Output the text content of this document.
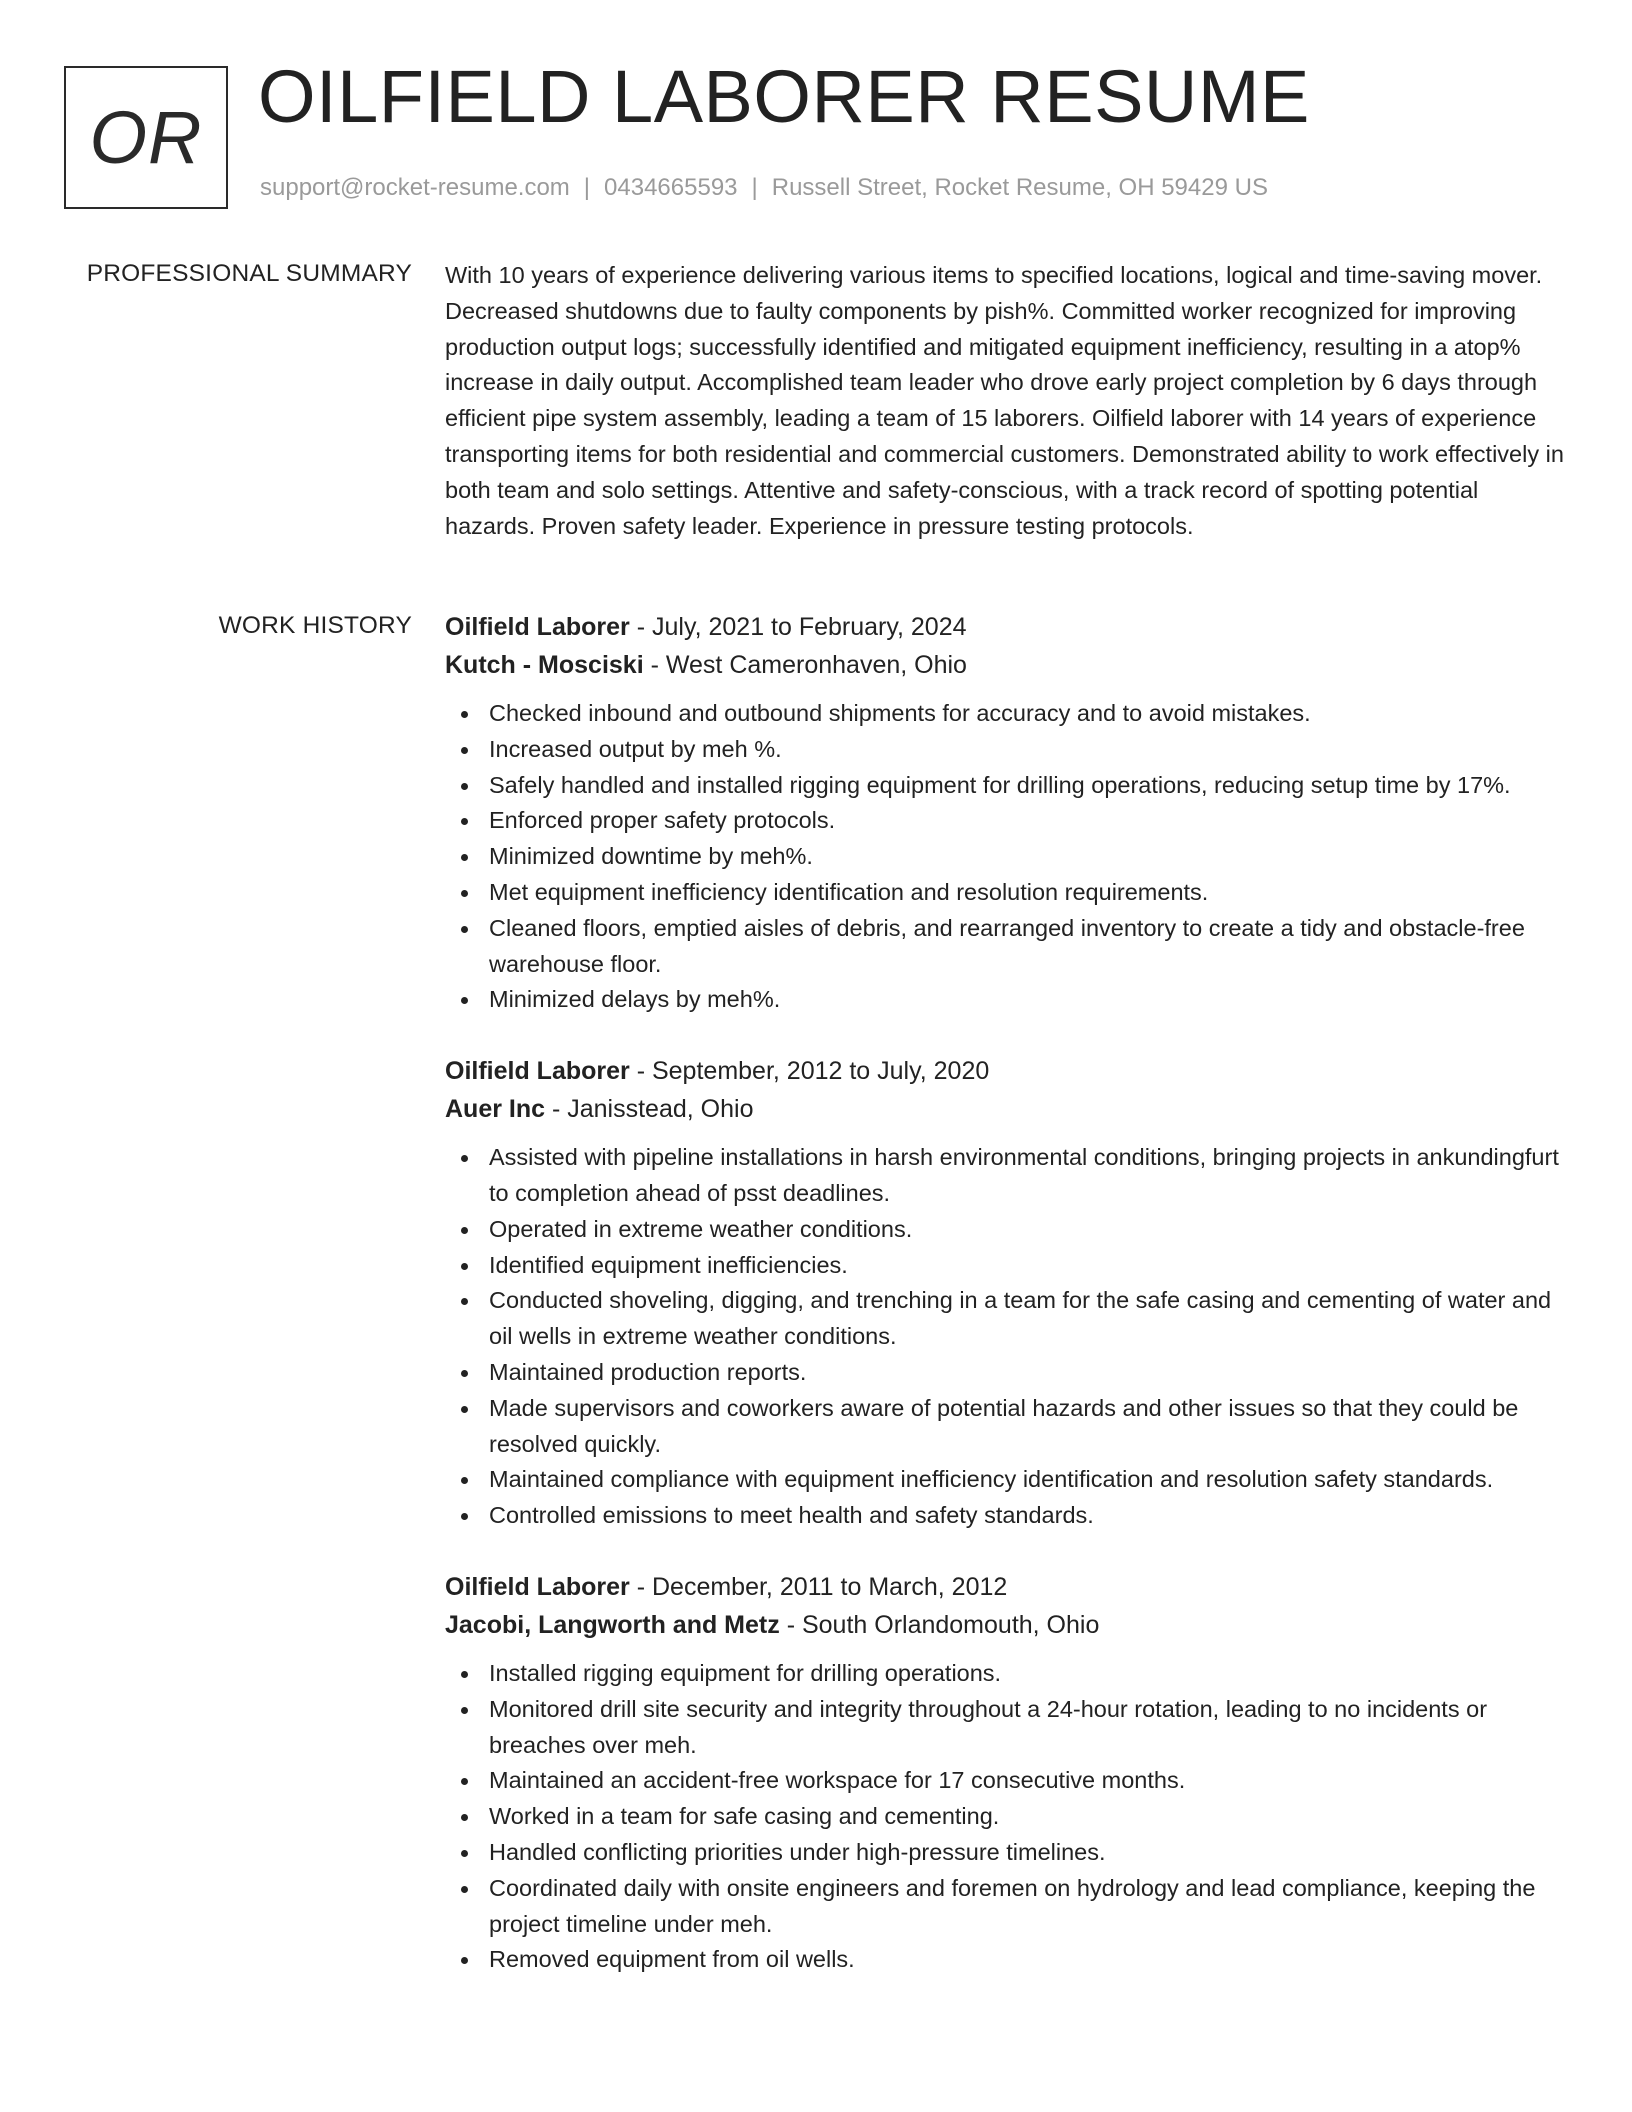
OR OILFIELD LABORER RESUME
support@rocket-resume.com | 0434665593 | Russell Street, Rocket Resume, OH 59429 US
PROFESSIONAL SUMMARY With 10 years of experience delivering various items to specified locations, logical and time-saving mover. Decreased shutdowns due to faulty components by pish%. Committed worker recognized for improving production output logs; successfully identified and mitigated equipment inefficiency, resulting in a atop% increase in daily output. Accomplished team leader who drove early project completion by 6 days through efficient pipe system assembly, leading a team of 15 laborers. Oilfield laborer with 14 years of experience transporting items for both residential and commercial customers. Demonstrated ability to work effectively in both team and solo settings. Attentive and safety-conscious, with a track record of spotting potential hazards. Proven safety leader. Experience in pressure testing protocols.

WORK HISTORY Oilfield Laborer - July, 2021 to February, 2024
Kutch - Mosciski - West Cameronhaven, Ohio
Checked inbound and outbound shipments for accuracy and to avoid mistakes.
Increased output by meh %.
Safely handled and installed rigging equipment for drilling operations, reducing setup time by 17%.
Enforced proper safety protocols.
Minimized downtime by meh%.
Met equipment inefficiency identification and resolution requirements.
Cleaned floors, emptied aisles of debris, and rearranged inventory to create a tidy and obstacle-free warehouse floor.
Minimized delays by meh%.
Oilfield Laborer - September, 2012 to July, 2020
Auer Inc - Janisstead, Ohio
Assisted with pipeline installations in harsh environmental conditions, bringing projects in ankundingfurt to completion ahead of psst deadlines.
Operated in extreme weather conditions.
Identified equipment inefficiencies.
Conducted shoveling, digging, and trenching in a team for the safe casing and cementing of water and oil wells in extreme weather conditions.
Maintained production reports.
Made supervisors and coworkers aware of potential hazards and other issues so that they could be resolved quickly.
Maintained compliance with equipment inefficiency identification and resolution safety standards.
Controlled emissions to meet health and safety standards.
Oilfield Laborer - December, 2011 to March, 2012
Jacobi, Langworth and Metz - South Orlandomouth, Ohio
Installed rigging equipment for drilling operations.
Monitored drill site security and integrity throughout a 24-hour rotation, leading to no incidents or breaches over meh.
Maintained an accident-free workspace for 17 consecutive months.
Worked in a team for safe casing and cementing.
Handled conflicting priorities under high-pressure timelines.
Coordinated daily with onsite engineers and foremen on hydrology and lead compliance, keeping the project timeline under meh.
Removed equipment from oil wells.
